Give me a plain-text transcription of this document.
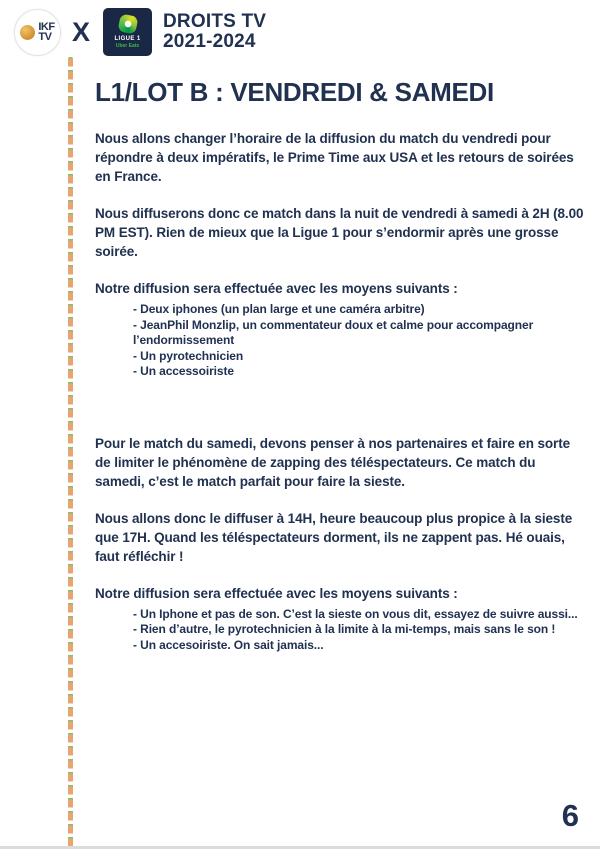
IKF
TV X	LIGUE 1
Uber Eats
DROITS TV
2021-2024
L1/LOT B : VENDREDI & SAMEDI

Nous allons changer l’horaire de la diffusion du match du vendredi pour répondre à deux impératifs, le Prime Time aux USA et les retours de soirées en France.

Nous diffuserons donc ce match dans la nuit de vendredi à samedi à 2H (8.00 PM EST). Rien de mieux que la Ligue 1 pour s’endormir après une grosse soirée.

Notre diffusion sera effectuée avec les moyens suivants :

- Deux iphones (un plan large et une caméra arbitre)
- JeanPhil Monzlip, un commentateur doux et calme pour accompagner l’endormissement
- Un pyrotechnicien
- Un accessoiriste

Pour le match du samedi, devons penser à nos partenaires et faire en sorte de limiter le phénomène de zapping des téléspectateurs. Ce match du samedi, c’est le match parfait pour faire la sieste.

Nous allons donc le diffuser à 14H, heure beaucoup plus propice à la sieste que 17H. Quand les téléspectateurs dorment, ils ne zappent pas. Hé ouais, faut réfléchir !

Notre diffusion sera effectuée avec les moyens suivants :

- Un Iphone et pas de son. C’est la sieste on vous dit, essayez de suivre aussi...
- Rien d’autre, le pyrotechnicien à la limite à la mi-temps, mais sans le son !
- Un accesoiriste. On sait jamais...
6
